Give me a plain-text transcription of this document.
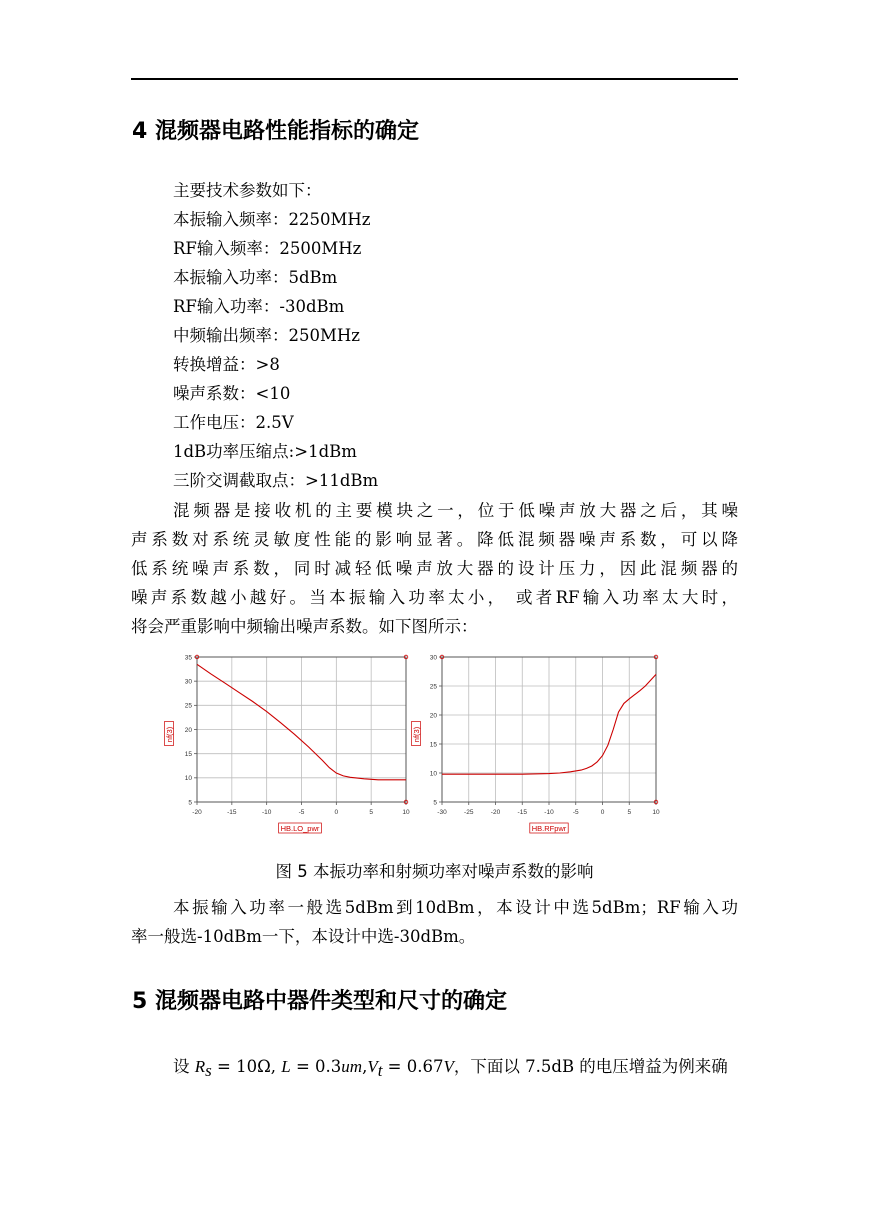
4 混频器电路性能指标的确定
主要技术参数如下：
本振输入频率：2250MHz
RF输入频率：2500MHz
本振输入功率：5dBm
RF输入功率：-30dBm
中频输出频率：250MHz
转换增益：>8
噪声系数：<10
工作电压：2.5V
1dB功率压缩点:>1dBm
三阶交调截取点：>11dBm
混频器是接收机的主要模块之一，位于低噪声放大器之后，其噪
声系数对系统灵敏度性能的影响显著。降低混频器噪声系数，可以降
低系统噪声系数，同时减轻低噪声放大器的设计压力，因此混频器的
噪声系数越小越好。当本振输入功率太小， 或者RF输入功率太大时，
将会严重影响中频输出噪声系数。如下图所示：
-20	-15	-10	-5	0	5	10
5
10
15
20
25
30
35
HB.LO_pwr
nf(3)
-30	-25	-20	-15	-10	-5	0	5	10
5
10
15
20
25
30
HB.RFpwr
nf(3)
图 5 本振功率和射频功率对噪声系数的影响
本振输入功率一般选5dBm到10dBm，本设计中选5dBm；RF输入功
率一般选-10dBm一下，本设计中选-30dBm。
5 混频器电路中器件类型和尺寸的确定
设 $R_s = 10\Omega$, $L = 0.3um,V_t = 0.67V$，下面以 7.5dB 的电压增益为例来确
